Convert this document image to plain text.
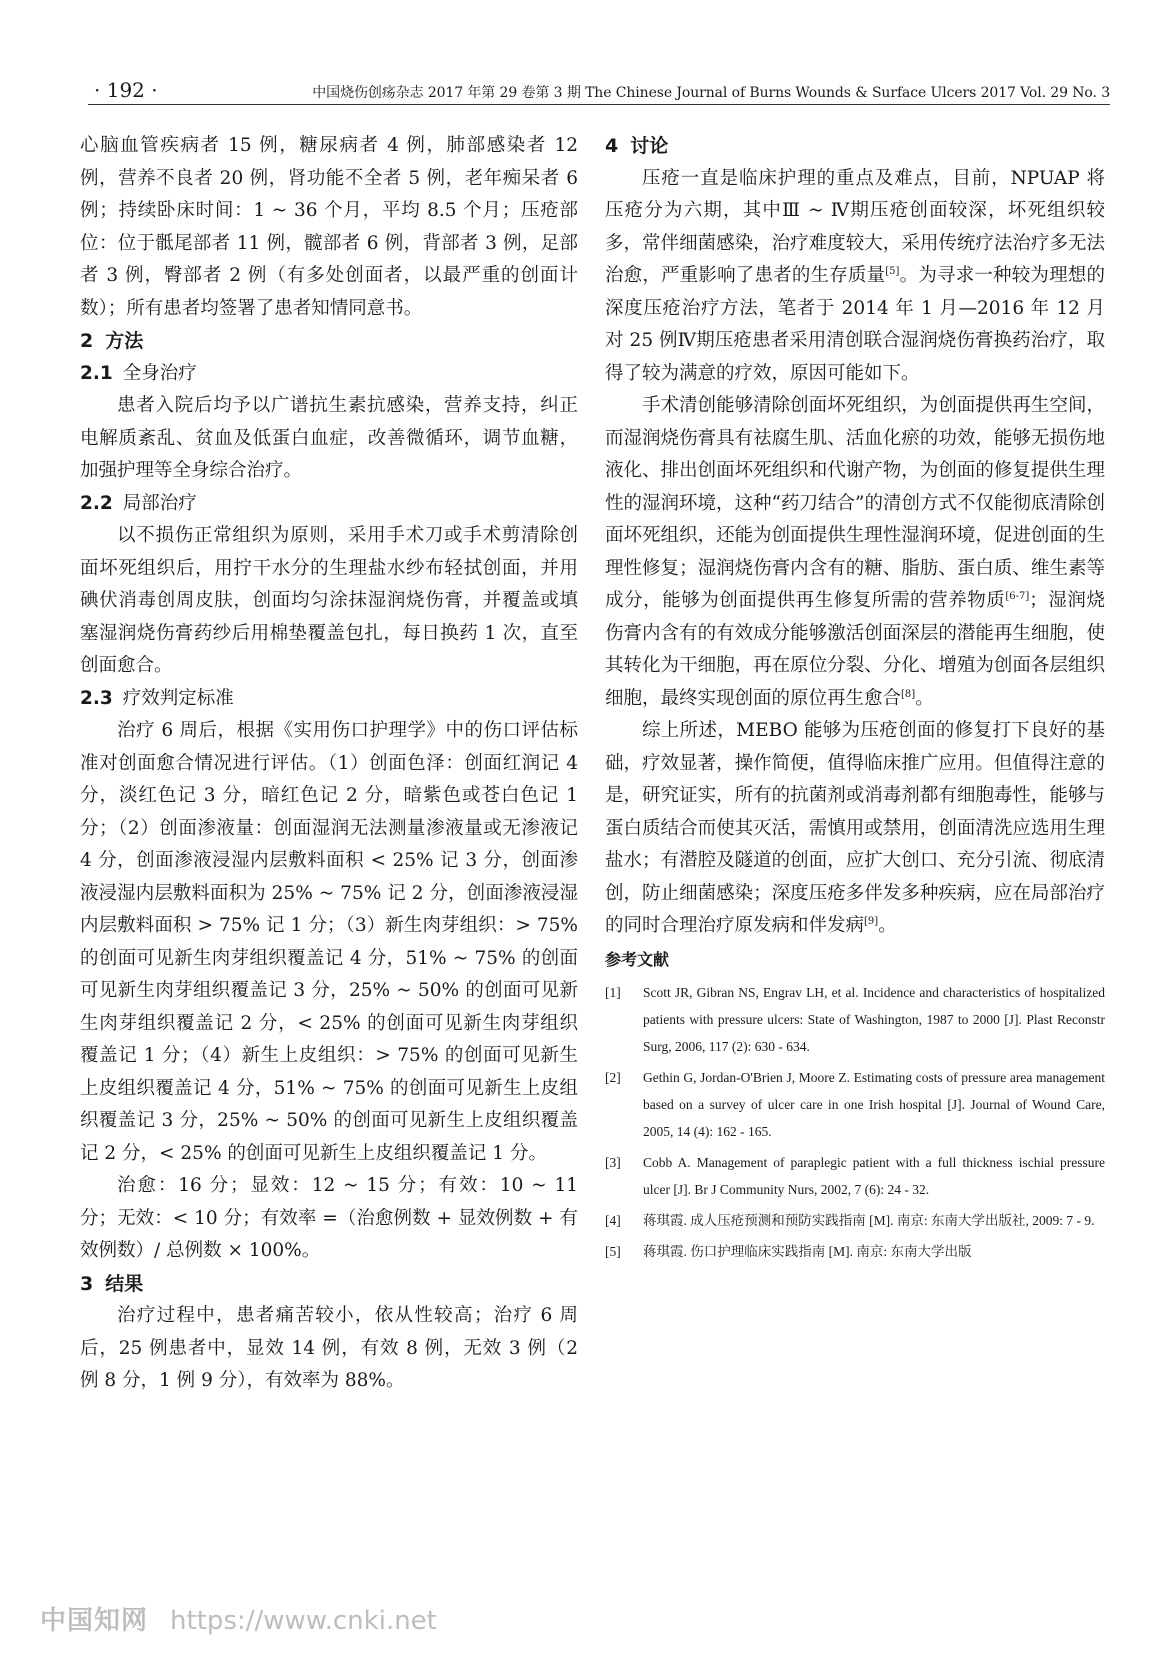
· 192 ·	中国烧伤创疡杂志 2017 年第 29 卷第 3 期 The Chinese Journal of Burns Wounds & Surface Ulcers 2017 Vol. 29 No. 3

心脑血管疾病者 15 例，糖尿病者 4 例，肺部感染者 12 例，营养不良者 20 例，肾功能不全者 5 例，老年痴呆者 6 例；持续卧床时间：1 ~ 36 个月，平均 8.5 个月；压疮部位：位于骶尾部者 11 例，髋部者 6 例，背部者 3 例，足部者 3 例，臀部者 2 例（有多处创面者，以最严重的创面计数）；所有患者均签署了患者知情同意书。

2 方法
2.1 全身治疗

患者入院后均予以广谱抗生素抗感染，营养支持，纠正电解质紊乱、贫血及低蛋白血症，改善微循环，调节血糖，加强护理等全身综合治疗。

2.2 局部治疗

以不损伤正常组织为原则，采用手术刀或手术剪清除创面坏死组织后，用拧干水分的生理盐水纱布轻拭创面，并用碘伏消毒创周皮肤，创面均匀涂抹湿润烧伤膏，并覆盖或填塞湿润烧伤膏药纱后用棉垫覆盖包扎，每日换药 1 次，直至创面愈合。

2.3 疗效判定标准

治疗 6 周后，根据《实用伤口护理学》中的伤口评估标准对创面愈合情况进行评估。（1）创面色泽：创面红润记 4 分，淡红色记 3 分，暗红色记 2 分，暗紫色或苍白色记 1 分；（2）创面渗液量：创面湿润无法测量渗液量或无渗液记 4 分，创面渗液浸湿内层敷料面积 < 25% 记 3 分，创面渗液浸湿内层敷料面积为 25% ~ 75% 记 2 分，创面渗液浸湿内层敷料面积 > 75% 记 1 分；（3）新生肉芽组织：> 75% 的创面可见新生肉芽组织覆盖记 4 分，51% ~ 75% 的创面可见新生肉芽组织覆盖记 3 分，25% ~ 50% 的创面可见新生肉芽组织覆盖记 2 分，< 25% 的创面可见新生肉芽组织覆盖记 1 分；（4）新生上皮组织：> 75% 的创面可见新生上皮组织覆盖记 4 分，51% ~ 75% 的创面可见新生上皮组织覆盖记 3 分，25% ~ 50% 的创面可见新生上皮组织覆盖记 2 分，< 25% 的创面可见新生上皮组织覆盖记 1 分。

治愈：16 分；显效：12 ~ 15 分；有效：10 ~ 11 分；无效：< 10 分；有效率 =（治愈例数 + 显效例数 + 有效例数）/ 总例数 × 100%。

3 结果

治疗过程中，患者痛苦较小，依从性较高；治疗 6 周后，25 例患者中，显效 14 例，有效 8 例，无效 3 例（2 例 8 分，1 例 9 分），有效率为 88%。

4 讨论

压疮一直是临床护理的重点及难点，目前，NPUAP 将压疮分为六期，其中Ⅲ ~ Ⅳ期压疮创面较深，坏死组织较多，常伴细菌感染，治疗难度较大，采用传统疗法治疗多无法治愈，严重影响了患者的生存质量[5]。为寻求一种较为理想的深度压疮治疗方法，笔者于 2014 年 1 月—2016 年 12 月对 25 例Ⅳ期压疮患者采用清创联合湿润烧伤膏换药治疗，取得了较为满意的疗效，原因可能如下。

手术清创能够清除创面坏死组织，为创面提供再生空间，而湿润烧伤膏具有祛腐生肌、活血化瘀的功效，能够无损伤地液化、排出创面坏死组织和代谢产物，为创面的修复提供生理性的湿润环境，这种“药刀结合”的清创方式不仅能彻底清除创面坏死组织，还能为创面提供生理性湿润环境，促进创面的生理性修复；湿润烧伤膏内含有的糖、脂肪、蛋白质、维生素等成分，能够为创面提供再生修复所需的营养物质[6-7]；湿润烧伤膏内含有的有效成分能够激活创面深层的潜能再生细胞，使其转化为干细胞，再在原位分裂、分化、增殖为创面各层组织细胞，最终实现创面的原位再生愈合[8]。

综上所述，MEBO 能够为压疮创面的修复打下良好的基础，疗效显著，操作简便，值得临床推广应用。但值得注意的是，研究证实，所有的抗菌剂或消毒剂都有细胞毒性，能够与蛋白质结合而使其灭活，需慎用或禁用，创面清洗应选用生理盐水；有潜腔及隧道的创面，应扩大创口、充分引流、彻底清创，防止细菌感染；深度压疮多伴发多种疾病，应在局部治疗的同时合理治疗原发病和伴发病[9]。

参考文献
[1] Scott JR, Gibran NS, Engrav LH, et al. Incidence and characteristics of hospitalized patients with pressure ulcers: State of Washington, 1987 to 2000 [J]. Plast Reconstr Surg, 2006, 117 (2): 630 - 634.
[2] Gethin G, Jordan-O'Brien J, Moore Z. Estimating costs of pressure area management based on a survey of ulcer care in one Irish hospital [J]. Journal of Wound Care, 2005, 14 (4): 162 - 165.
[3] Cobb A. Management of paraplegic patient with a full thickness ischial pressure ulcer [J]. Br J Community Nurs, 2002, 7 (6): 24 - 32.
[4] 蒋琪霞. 成人压疮预测和预防实践指南 [M]. 南京: 东南大学出版社, 2009: 7 - 9.
[5] 蒋琪霞. 伤口护理临床实践指南 [M]. 南京: 东南大学出版
中国知网 https://www.cnki.net
